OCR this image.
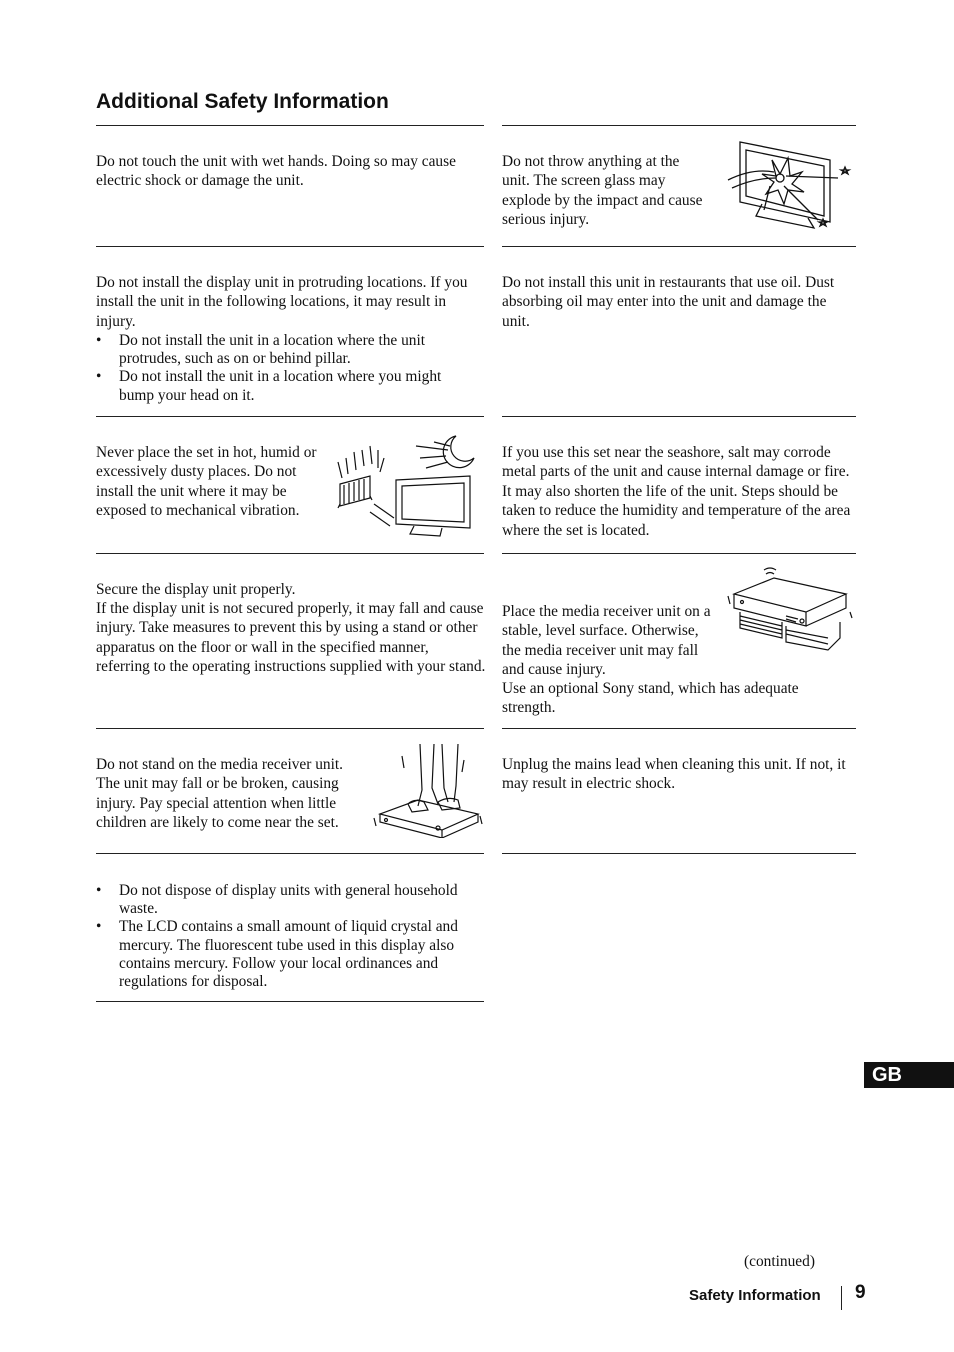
Additional Safety Information

Do not touch the unit with wet hands. Doing so may cause electric shock or damage the unit.

Do not throw anything at the unit. The screen glass may explode by the impact and cause serious injury.

Do not install the display unit in protruding locations. If you install the unit in the following locations, it may result in injury.

• Do not install the unit in a location where the unit protrudes, such as on or behind pillar.
• Do not install the unit in a location where you might bump your head on it.

Do not install this unit in restaurants that use oil. Dust absorbing oil may enter into the unit and damage the unit.

Never place the set in hot, humid or excessively dusty places. Do not install the unit where it may be exposed to mechanical vibration.

If you use this set near the seashore, salt may corrode metal parts of the unit and cause internal damage or fire. It may also shorten the life of the unit. Steps should be taken to reduce the humidity and temperature of the area where the set is located.

Secure the display unit properly.

If the display unit is not secured properly, it may fall and cause injury. Take measures to prevent this by using a stand or other apparatus on the floor or wall in the specified manner, referring to the operating instructions supplied with your stand.

Place the media receiver unit on a stable, level surface. Otherwise, the media receiver unit may fall and cause injury.

Use an optional Sony stand, which has adequate strength.

Do not stand on the media receiver unit. The unit may fall or be broken, causing injury. Pay special attention when little children are likely to come near the set.

Unplug the mains lead when cleaning this unit. If not, it may result in electric shock.

• Do not dispose of display units with general household waste.
• The LCD contains a small amount of liquid crystal and mercury. The fluorescent tube used in this display also contains mercury. Follow your local ordinances and regulations for disposal.
GB
(continued)
Safety Information 9
